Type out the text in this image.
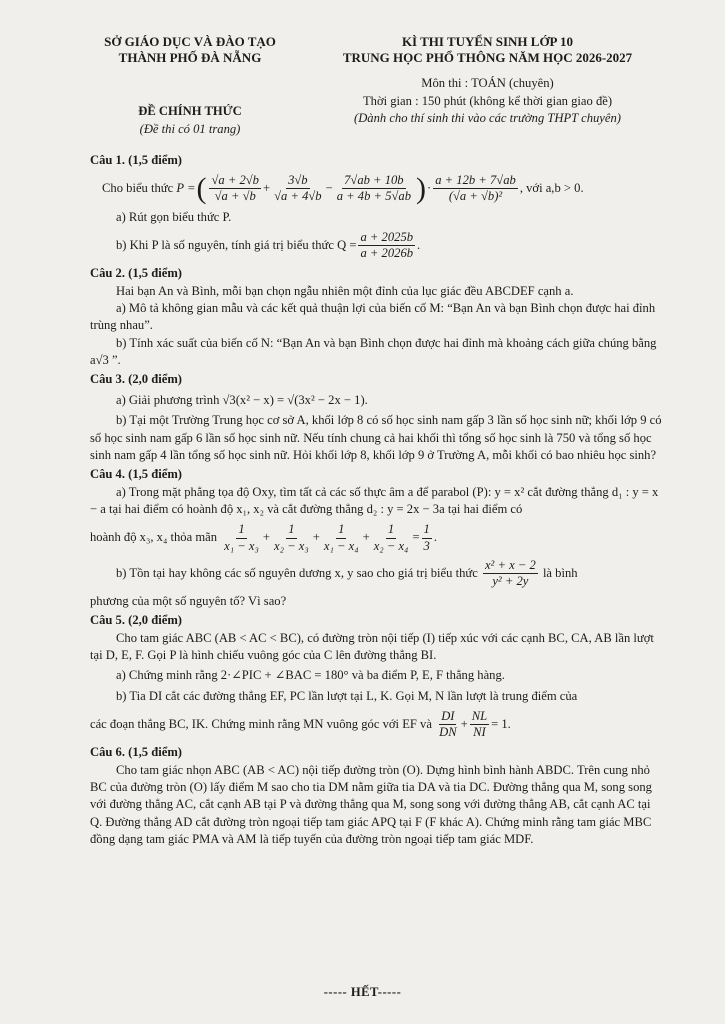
SỞ GIÁO DỤC VÀ ĐÀO TẠO
THÀNH PHỐ ĐÀ NẴNG
ĐỀ CHÍNH THỨC
(Đề thi có 01 trang)
KÌ THI TUYỂN SINH LỚP 10
TRUNG HỌC PHỔ THÔNG NĂM HỌC 2026-2027
Môn thi : TOÁN (chuyên)
Thời gian : 150 phút (không kể thời gian giao đề)
(Dành cho thí sinh thi vào các trường THPT chuyên)
Câu 1. (1,5 điểm)
Cho biểu thức
P = ( $\frac{√a + 2√b}{√a + √b} + \frac{3√b}{√a + 4√b} - \frac{7√ab + 10b}{a + 4b + 5√ab}$ ) · $\frac{a + 12b + 7√ab}{\text{(√a + √b)²}}$ , với a,b > 0.

a) Rút gọn biểu thức P.

b) Khi P là số nguyên, tính giá trị biểu thức $Q = \frac{a + 2025b}{a + 2026b}$ .
Câu 2. (1,5 điểm)

Hai bạn An và Bình, mỗi bạn chọn ngẫu nhiên một đỉnh của lục giác đều ABCDEF cạnh a.

a) Mô tả không gian mẫu và các kết quả thuận lợi của biến cố M: “Bạn An và bạn Bình chọn được hai đỉnh trùng nhau”.

b) Tính xác suất của biến cố N: “Bạn An và bạn Bình chọn được hai đỉnh mà khoảng cách giữa chúng bằng a√3 ”.

Câu 3. (2,0 điểm)

a) Giải phương trình √3(x² − x) = √(3x² − 2x − 1).

b) Tại một Trường Trung học cơ sở A, khối lớp 8 có số học sinh nam gấp 3 lần số học sinh nữ; khối lớp 9 có số học sinh nam gấp 6 lần số học sinh nữ. Nếu tính chung cả hai khối thì tổng số học sinh là 750 và tổng số học sinh nam gấp 4 lần tổng số học sinh nữ. Hỏi khối lớp 8, khối lớp 9 ở Trường A, mỗi khối có bao nhiêu học sinh?

Câu 4. (1,5 điểm)

a) Trong mặt phẳng tọa độ Oxy, tìm tất cả các số thực âm a để parabol (P): y = x² cắt đường thẳng d₁ : y = x − a tại hai điểm có hoành độ x₁, x₂ và cắt đường thẳng d₂ : y = 2x − 3a tại hai điểm có

hoành độ x₃, x₄ thỏa mãn
$\frac{1}{\text{x₁ − x₃}} + \frac{1}{\text{x₂ − x₃}} + \frac{1}{\text{x₁ − x₄}} + \frac{1}{\text{x₂ − x₄}} = \frac{1}{3}$ .
b) Tồn tại hay không các số nguyên dương x, y sao cho giá trị biểu thức
$\frac{\text{x² + x − 2}}{\text{y² + 2y}}$
là bình

phương của một số nguyên tố? Vì sao?

Câu 5. (2,0 điểm)

Cho tam giác ABC (AB < AC < BC), có đường tròn nội tiếp (I) tiếp xúc với các cạnh BC, CA, AB lần lượt tại D, E, F. Gọi P là hình chiếu vuông góc của C lên đường thẳng BI.

a) Chứng minh rằng 2·∠PIC + ∠BAC = 180° và ba điểm P, E, F thẳng hàng.

b) Tia DI cắt các đường thẳng EF, PC lần lượt tại L, K. Gọi M, N lần lượt là trung điểm của

các đoạn thẳng BC, IK. Chứng minh rằng MN vuông góc với EF và
$\frac{DI}{DN} + \frac{NL}{NI} = 1$.
Câu 6. (1,5 điểm)

Cho tam giác nhọn ABC (AB < AC) nội tiếp đường tròn (O). Dựng hình bình hành ABDC. Trên cung nhỏ BC của đường tròn (O) lấy điểm M sao cho tia DM nằm giữa tia DA và tia DC. Đường thẳng qua M, song song với đường thẳng AC, cắt cạnh AB tại P và đường thẳng qua M, song song với đường thẳng AB, cắt cạnh AC tại Q. Đường thẳng AD cắt đường tròn ngoại tiếp tam giác APQ tại F (F khác A). Chứng minh rằng tam giác MBC đồng dạng tam giác PMA và AM là tiếp tuyến của đường tròn ngoại tiếp tam giác MDF.

----- HẾT-----
